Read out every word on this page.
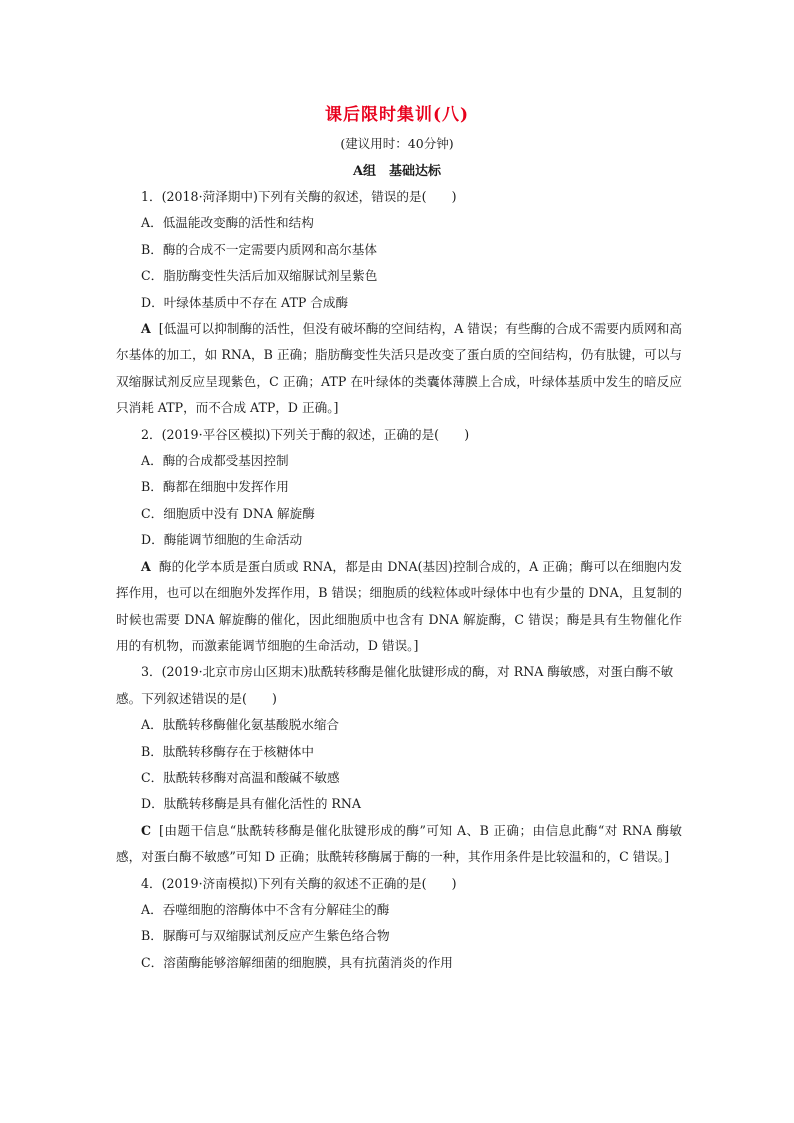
课后限时集训(八)
(建议用时：40分钟)
A组　基础达标

1．(2018·菏泽期中)下列有关酶的叙述，错误的是(　　)

A．低温能改变酶的活性和结构

B．酶的合成不一定需要内质网和高尔基体

C．脂肪酶变性失活后加双缩脲试剂呈紫色

D．叶绿体基质中不存在 ATP 合成酶

A [低温可以抑制酶的活性，但没有破坏酶的空间结构，A 错误；有些酶的合成不需要内质网和高尔基体的加工，如 RNA，B 正确；脂肪酶变性失活只是改变了蛋白质的空间结构，仍有肽键，可以与双缩脲试剂反应呈现紫色，C 正确；ATP 在叶绿体的类囊体薄膜上合成，叶绿体基质中发生的暗反应只消耗 ATP，而不合成 ATP，D 正确。]

2．(2019·平谷区模拟)下列关于酶的叙述，正确的是(　　)

A．酶的合成都受基因控制

B．酶都在细胞中发挥作用

C．细胞质中没有 DNA 解旋酶

D．酶能调节细胞的生命活动

A 酶的化学本质是蛋白质或 RNA，都是由 DNA(基因)控制合成的，A 正确；酶可以在细胞内发挥作用，也可以在细胞外发挥作用，B 错误；细胞质的线粒体或叶绿体中也有少量的 DNA，且复制的时候也需要 DNA 解旋酶的催化，因此细胞质中也含有 DNA 解旋酶，C 错误；酶是具有生物催化作用的有机物，而激素能调节细胞的生命活动，D 错误。]

3．(2019·北京市房山区期末)肽酰转移酶是催化肽键形成的酶，对 RNA 酶敏感，对蛋白酶不敏感。下列叙述错误的是(　　)

A．肽酰转移酶催化氨基酸脱水缩合

B．肽酰转移酶存在于核糖体中

C．肽酰转移酶对高温和酸碱不敏感

D．肽酰转移酶是具有催化活性的 RNA

C [由题干信息“肽酰转移酶是催化肽键形成的酶”可知 A、B 正确；由信息此酶“对 RNA 酶敏感，对蛋白酶不敏感”可知 D 正确；肽酰转移酶属于酶的一种，其作用条件是比较温和的，C 错误。]

4．(2019·济南模拟)下列有关酶的叙述不正确的是(　　)

A．吞噬细胞的溶酶体中不含有分解硅尘的酶

B．脲酶可与双缩脲试剂反应产生紫色络合物

C．溶菌酶能够溶解细菌的细胞膜，具有抗菌消炎的作用
